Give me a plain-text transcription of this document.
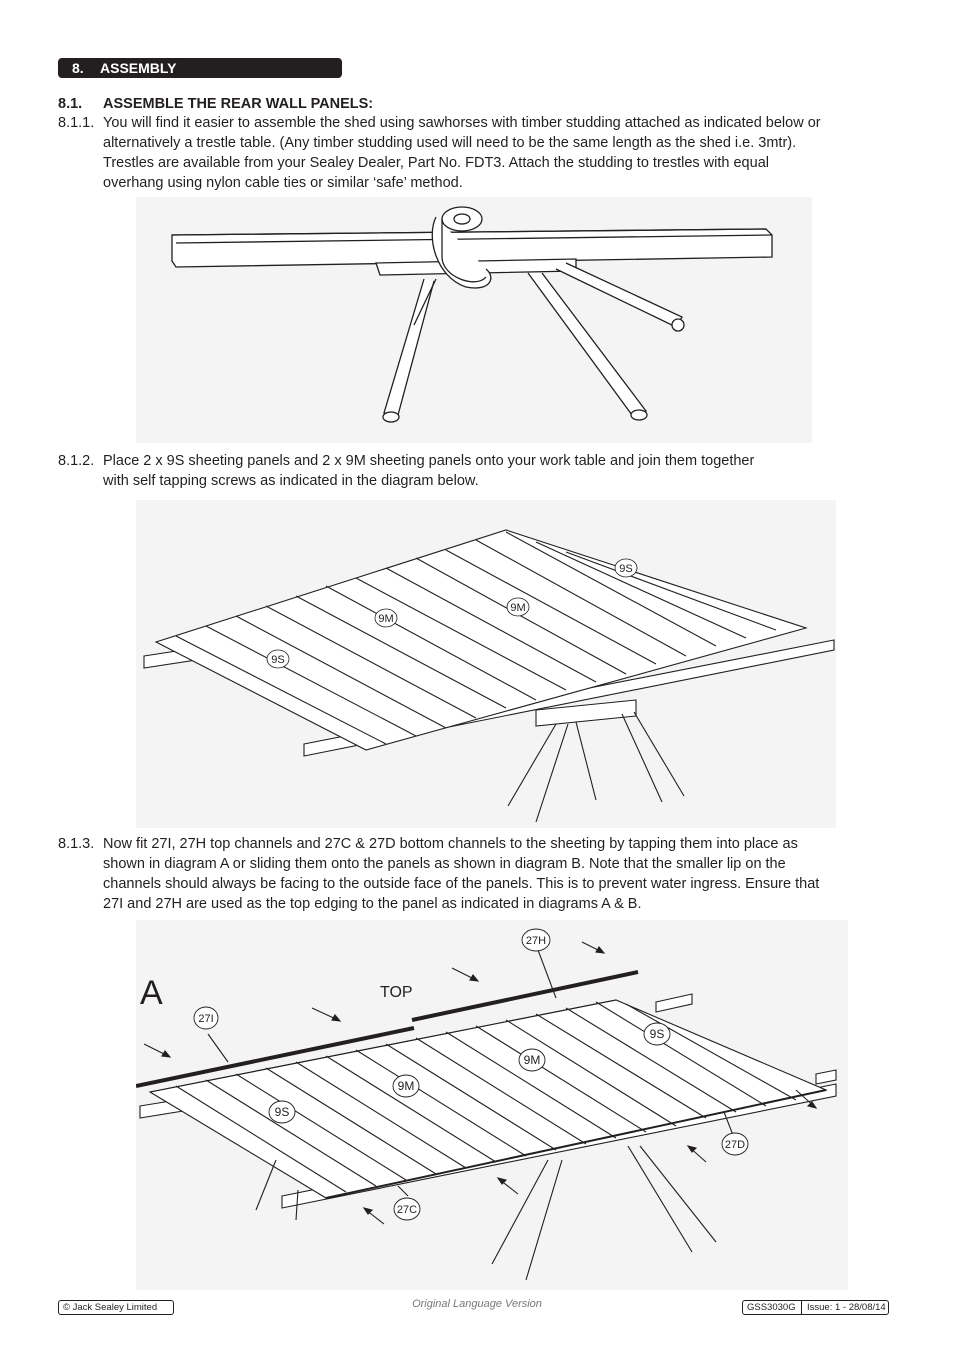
8. ASSEMBLY
8.1. ASSEMBLE THE REAR WALL PANELS:
8.1.1. You will find it easier to assemble the shed using sawhorses with timber studding attached as indicated below or
alternatively a trestle table. (Any timber studding used will need to be the same length as the shed i.e. 3mtr).
Trestles are available from your Sealey Dealer, Part No. FDT3. Attach the studding to trestles with equal
overhang using nylon cable ties or similar ‘safe’ method.
8.1.2. Place 2 x 9S sheeting panels and 2 x 9M sheeting panels onto your work table and join them together
with self tapping screws as indicated in the diagram below.
9S
9M
9M
9S
8.1.3. Now fit 27I, 27H top channels and 27C & 27D bottom channels to the sheeting by tapping them into place as
shown in diagram A or sliding them onto the panels as shown in diagram B. Note that the smaller lip on the
channels should always be facing to the outside face of the panels. This is to prevent water ingress. Ensure that
27I and 27H are used as the top edging to the panel as indicated in diagrams A & B.
A	TOP
27H
27I
9S
9M
9M
9S
27D
27C
© Jack Sealey Limited	Original Language Version	GSS3030G Issue: 1 - 28/08/14
